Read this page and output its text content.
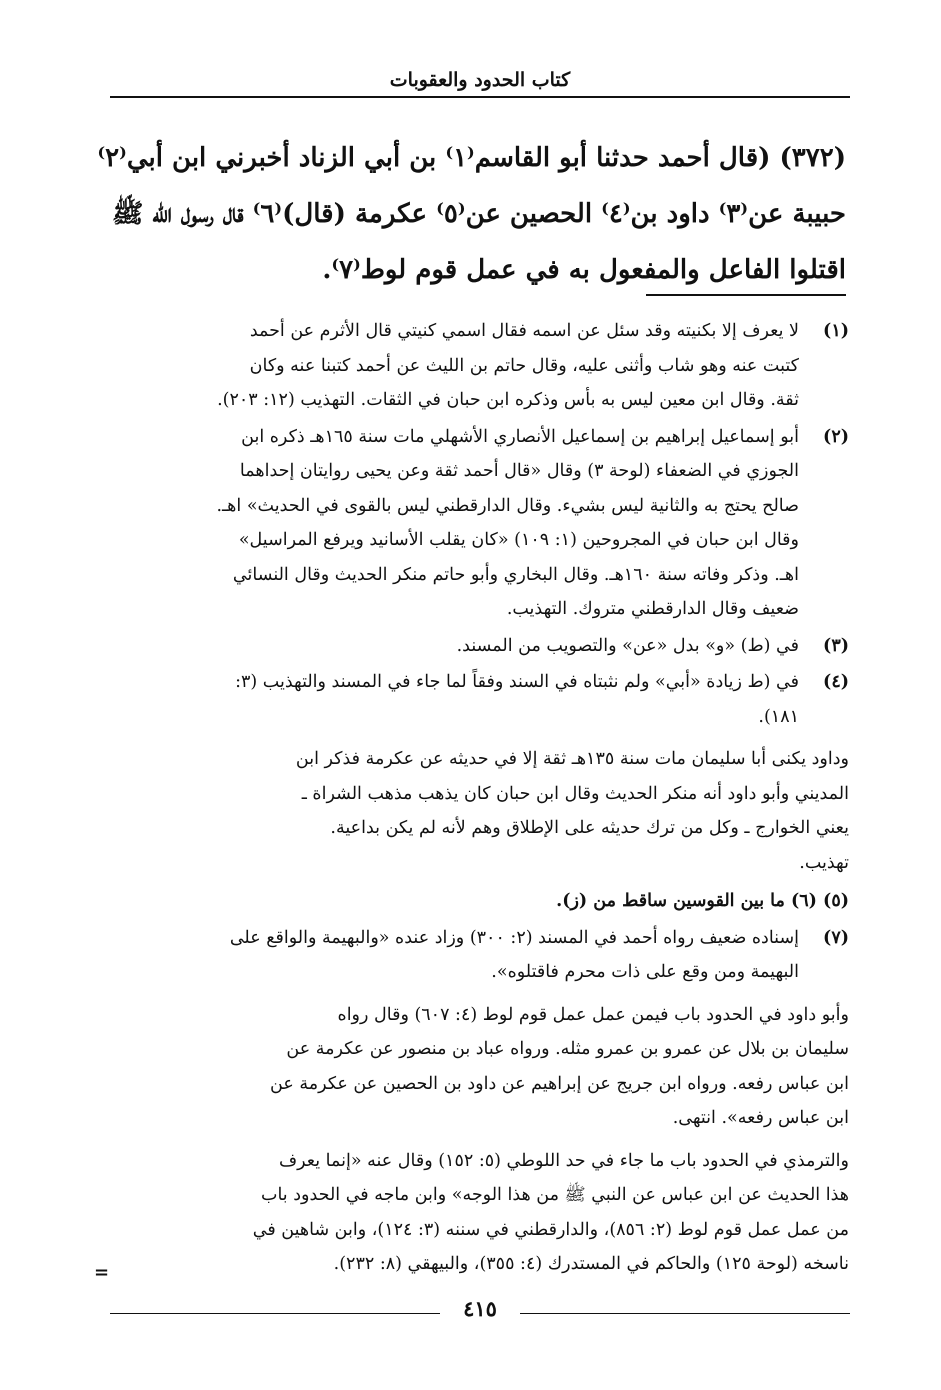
كتاب الحدود والعقوبات

(٣٧٢) (قال أحمد حدثنا أبو القاسم⁽١⁾ بن أبي الزناد أخبرني ابن أبي⁽٢⁾

حبيبة عن⁽٣⁾ داود بن⁽٤⁾ الحصين عن⁽٥⁾ عكرمة (قال)⁽٦⁾ قال رسول الله ﷺ

اقتلوا الفاعل والمفعول به في عمل قوم لوط⁽٧⁾.

(١)

لا يعرف إلا بكنيته وقد سئل عن اسمه فقال اسمي كنيتي قال الأثرم عن أحمد

كتبت عنه وهو شاب وأثنى عليه، وقال حاتم بن الليث عن أحمد كتبنا عنه وكان

ثقة. وقال ابن معين ليس به بأس وذكره ابن حبان في الثقات. التهذيب (١٢: ٢٠٣).

(٢)

أبو إسماعيل إبراهيم بن إسماعيل الأنصاري الأشهلي مات سنة ١٦٥هـ ذكره ابن

الجوزي في الضعفاء (لوحة ٣) وقال «قال أحمد ثقة وعن يحيى روايتان إحداهما

صالح يحتج به والثانية ليس بشيء. وقال الدارقطني ليس بالقوى في الحديث» اهـ.

وقال ابن حبان في المجروحين (١: ١٠٩) «كان يقلب الأسانيد ويرفع المراسيل»

اهـ. وذكر وفاته سنة ١٦٠هـ. وقال البخاري وأبو حاتم منكر الحديث وقال النسائي

ضعيف وقال الدارقطني متروك. التهذيب.

(٣)

في (ط) «و» بدل «عن» والتصويب من المسند.

(٤)

في (ط زيادة «أبي» ولم نثبتاه في السند وفقاً لما جاء في المسند والتهذيب (٣:

١٨١).

وداود يكنى أبا سليمان مات سنة ١٣٥هـ ثقة إلا في حديثه عن عكرمة فذكر ابن

المديني وأبو داود أنه منكر الحديث وقال ابن حبان كان يذهب مذهب الشراة ـ

يعني الخوارج ـ وكل من ترك حديثه على الإطلاق وهم لأنه لم يكن بداعية.

تهذيب.

(٥) (٦) ما بين القوسين ساقط من (ز).
(٧)

إسناده ضعيف رواه أحمد في المسند (٢: ٣٠٠) وزاد عنده «والبهيمة والواقع على

البهيمة ومن وقع على ذات محرم فاقتلوه».

وأبو داود في الحدود باب فيمن عمل عمل قوم لوط (٤: ٦٠٧) وقال رواه

سليمان بن بلال عن عمرو بن عمرو مثله. ورواه عباد بن منصور عن عكرمة عن

ابن عباس رفعه. ورواه ابن جريج عن إبراهيم عن داود بن الحصين عن عكرمة عن

ابن عباس رفعه». انتهى.

والترمذي في الحدود باب ما جاء في حد اللوطي (٥: ١٥٢) وقال عنه «إنما يعرف

هذا الحديث عن ابن عباس عن النبي ﷺ من هذا الوجه» وابن ماجه في الحدود باب

من عمل عمل قوم لوط (٢: ٨٥٦)، والدارقطني في سننه (٣: ١٢٤)، وابن شاهين في

ناسخه (لوحة ١٢٥) والحاكم في المستدرك (٤: ٣٥٥)، والبيهقي (٨: ٢٣٢).

=
٤١٥
